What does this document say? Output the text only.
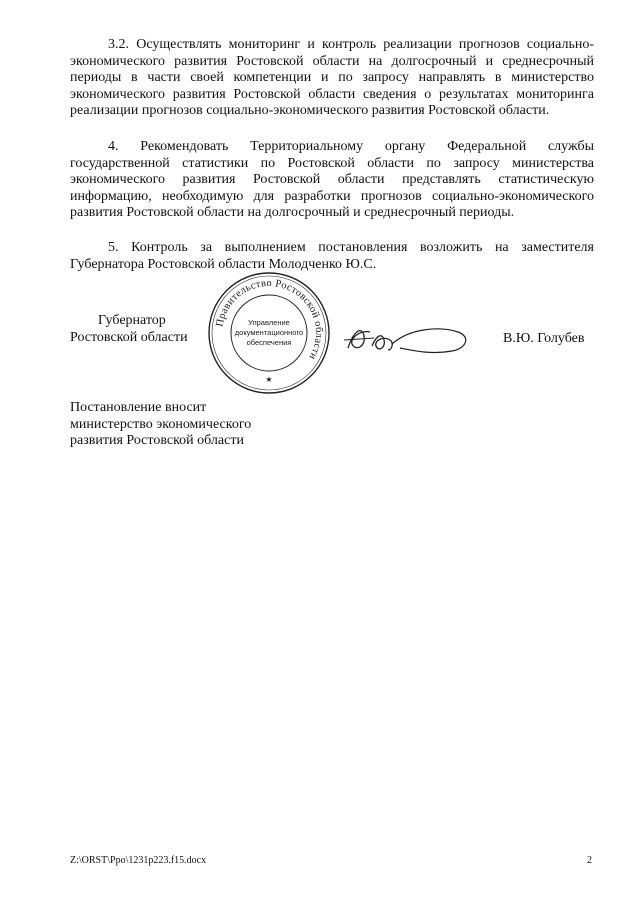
3.2. Осуществлять мониторинг и контроль реализации прогнозов социально-экономического развития Ростовской области на долгосрочный и среднесрочный периоды в части своей компетенции и по запросу направлять в министерство экономического развития Ростовской области сведения о результатах мониторинга реализации прогнозов социально-экономического развития Ростовской области.

4. Рекомендовать Территориальному органу Федеральной службы государственной статистики по Ростовской области по запросу министерства экономического развития Ростовской области представлять статистическую информацию, необходимую для разработки прогнозов социально-экономического развития Ростовской области на долгосрочный и среднесрочный периоды.

5. Контроль за выполнением постановления возложить на заместителя Губернатора Ростовской области Молодченко Ю.С.

Губернатор
Ростовской области
Правительство Ростовской области
Управление
документационного
обеспечения
★
В.Ю. Голубев
Постановление вносит
министерство экономического
развития Ростовской области
Z:\ORST\Ppo\1231p223.f15.docx	2
